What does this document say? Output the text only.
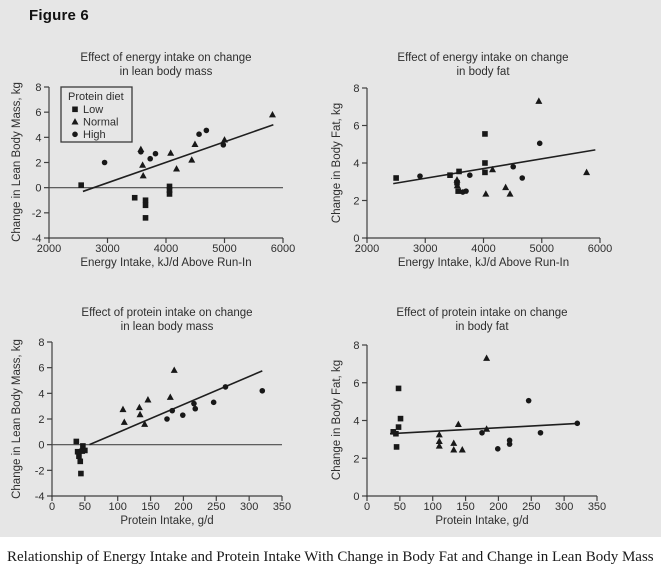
Effect of energy intake on change
in lean body mass
-4
-2
0
2
4
6
8
2000	3000	4000	5000	6000
Energy Intake, kJ/d Above Run-In
Change in Lean Body Mass, kg	Protein diet
Low
Normal
High
Effect of energy intake on change
in body fat
0
2
4
6
8
2000	3000	4000	5000	6000
Energy Intake, kJ/d Above Run-In
Change in Body Fat, kg
Effect of protein intake on change
in lean body mass
-4
-2
0
2
4
6
8
0 50 100 150 200 250 300 350
Protein Intake, g/d
Change in Lean Body Mass, kg
Effect of protein intake on change
in body fat
0
2
4
6
8
0 50 100 150 200 250 300 350
Protein Intake, g/d
Change in Body Fat, kg
Figure 6
Relationship of Energy Intake and Protein Intake With Change in Body Fat and Change in Lean Body Mass
